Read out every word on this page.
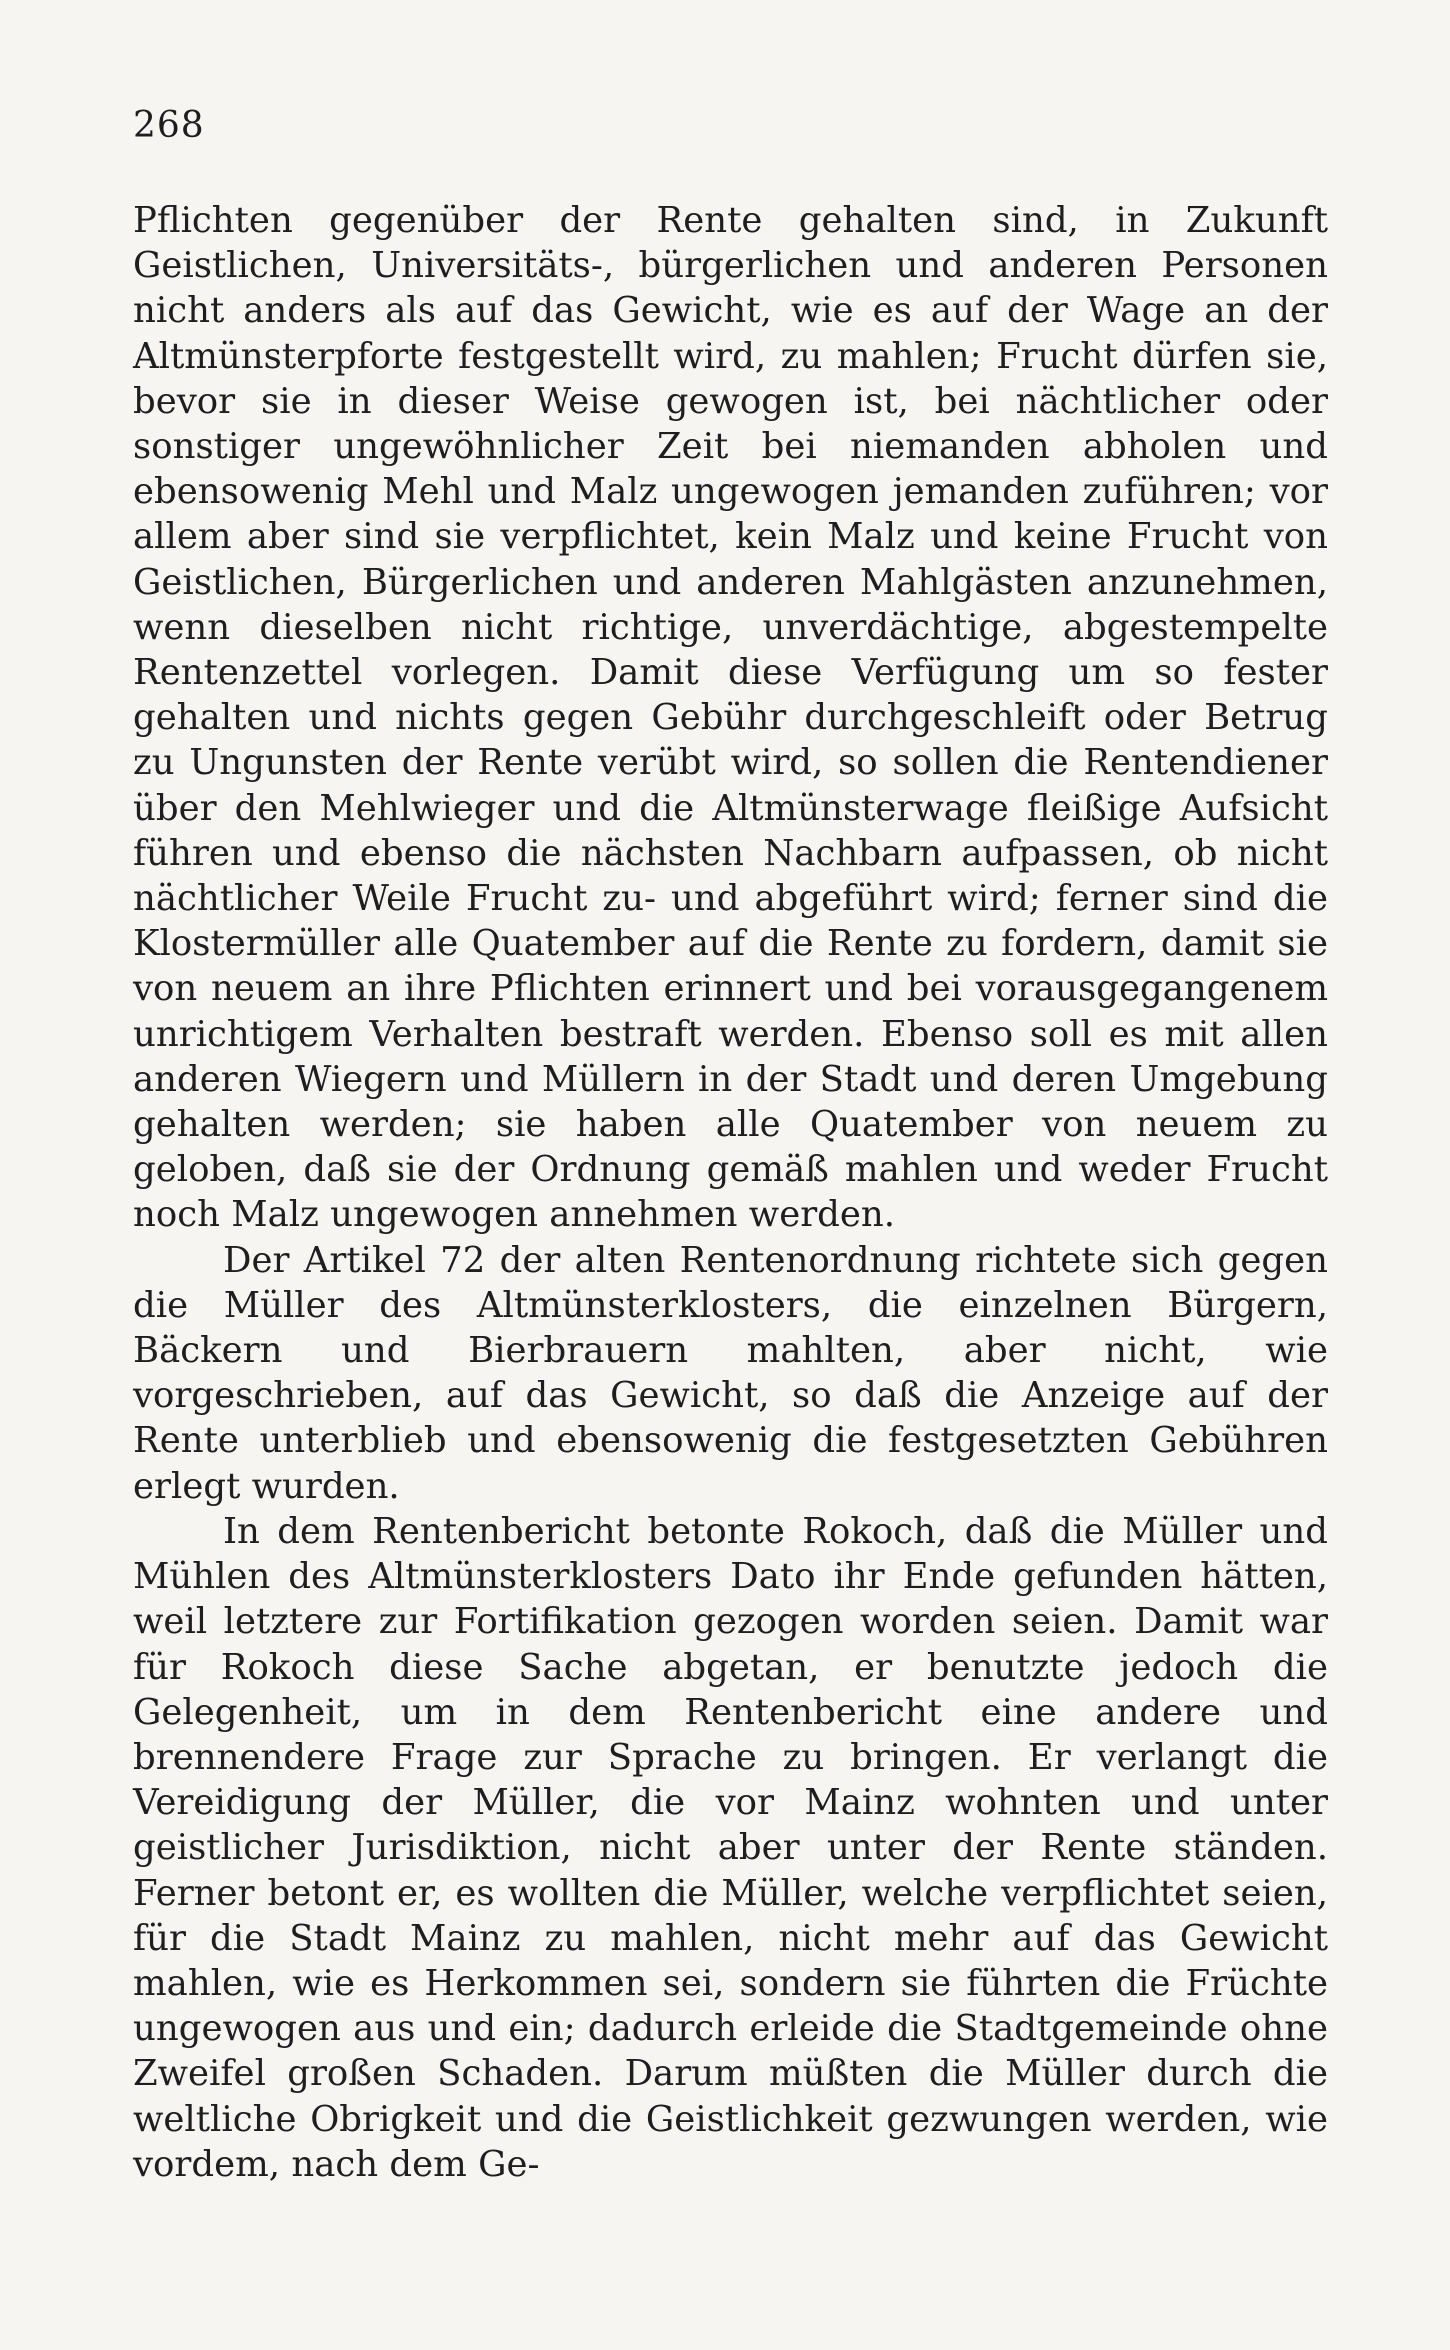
268

Pflichten gegenüber der Rente gehalten sind, in Zukunft Geistlichen, Universitäts-, bürgerlichen und anderen Personen nicht anders als auf das Gewicht, wie es auf der Wage an der Altmünsterpforte festgestellt wird, zu mahlen; Frucht dürfen sie, bevor sie in dieser Weise gewogen ist, bei nächtlicher oder sonstiger ungewöhnlicher Zeit bei niemanden abholen und ebensowenig Mehl und Malz ungewogen jemanden zuführen; vor allem aber sind sie verpflichtet, kein Malz und keine Frucht von Geistlichen, Bürgerlichen und anderen Mahlgästen anzunehmen, wenn dieselben nicht richtige, unverdächtige, abgestempelte Rentenzettel vorlegen. Damit diese Verfügung um so fester gehalten und nichts gegen Gebühr durchgeschleift oder Betrug zu Ungunsten der Rente verübt wird, so sollen die Rentendiener über den Mehlwieger und die Altmünsterwage fleißige Aufsicht führen und ebenso die nächsten Nachbarn aufpassen, ob nicht nächtlicher Weile Frucht zu- und abgeführt wird; ferner sind die Klostermüller alle Quatember auf die Rente zu fordern, damit sie von neuem an ihre Pflichten erinnert und bei vorausgegangenem unrichtigem Verhalten bestraft werden. Ebenso soll es mit allen anderen Wiegern und Müllern in der Stadt und deren Umgebung gehalten werden; sie haben alle Quatember von neuem zu geloben, daß sie der Ordnung gemäß mahlen und weder Frucht noch Malz ungewogen annehmen werden.

Der Artikel 72 der alten Rentenordnung richtete sich gegen die Müller des Altmünsterklosters, die einzelnen Bürgern, Bäckern und Bierbrauern mahlten, aber nicht, wie vorgeschrieben, auf das Gewicht, so daß die Anzeige auf der Rente unterblieb und ebensowenig die festgesetzten Gebühren erlegt wurden.

In dem Rentenbericht betonte Rokoch, daß die Müller und Mühlen des Altmünsterklosters Dato ihr Ende gefunden hätten, weil letztere zur Fortifikation gezogen worden seien. Damit war für Rokoch diese Sache abgetan, er benutzte jedoch die Gelegenheit, um in dem Rentenbericht eine andere und brennendere Frage zur Sprache zu bringen. Er verlangt die Vereidigung der Müller, die vor Mainz wohnten und unter geistlicher Jurisdiktion, nicht aber unter der Rente ständen. Ferner betont er, es wollten die Müller, welche verpflichtet seien, für die Stadt Mainz zu mahlen, nicht mehr auf das Gewicht mahlen, wie es Herkommen sei, sondern sie führten die Früchte ungewogen aus und ein; dadurch erleide die Stadtgemeinde ohne Zweifel großen Schaden. Darum müßten die Müller durch die weltliche Obrigkeit und die Geistlichkeit gezwungen werden, wie vordem, nach dem Ge-
